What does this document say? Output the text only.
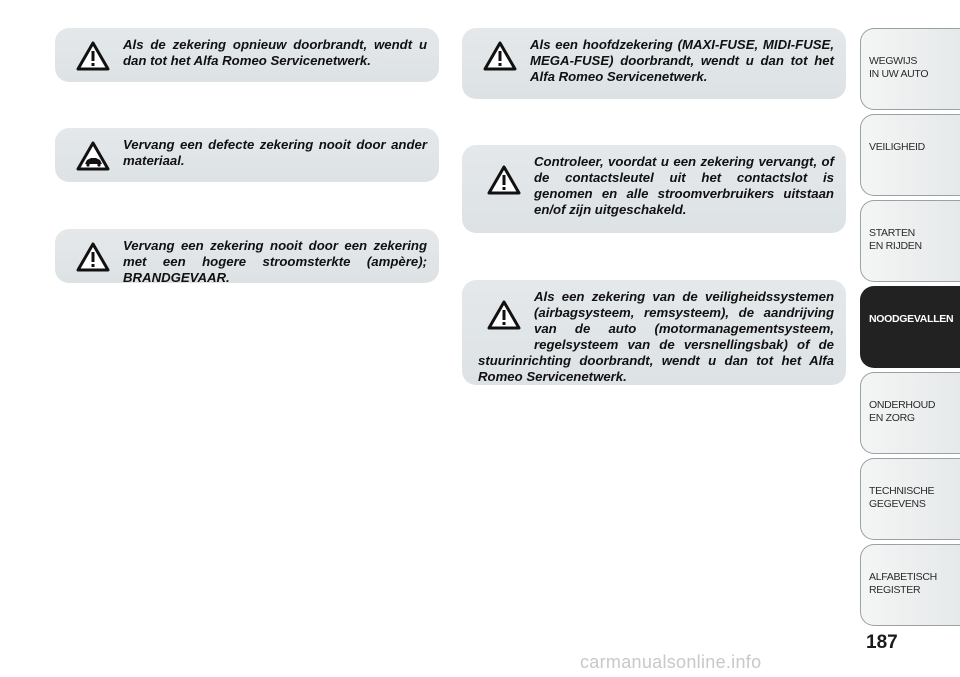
Als de zekering opnieuw doorbrandt, wendt u dan tot het Alfa Romeo Servicenetwerk.
Vervang een defecte zekering nooit door ander materiaal.
Vervang een zekering nooit door een zekering met een hogere stroomsterkte (ampère); BRANDGEVAAR.
Als een hoofdzekering (MAXI-FUSE, MIDI-FUSE, MEGA-FUSE) doorbrandt, wendt u dan tot het Alfa Romeo Servicenetwerk.
Controleer, voordat u een zekering vervangt, of de contactsleutel uit het contactslot is genomen en alle stroomverbruikers uitstaan en/of zijn uitgeschakeld.
Als een zekering van de veiligheidssystemen (airbagsysteem, remsysteem), de aandrijving van de auto (motormanagementsysteem, regelsysteem van de versnellingsbak) of de stuurinrichting doorbrandt, wendt u dan tot het Alfa Romeo Servicenetwerk.
WEGWIJS
IN UW AUTO
VEILIGHEID
STARTEN
EN RIJDEN
NOODGEVALLEN
ONDERHOUD
EN ZORG
TECHNISCHE
GEGEVENS
ALFABETISCH
REGISTER
187
carmanualsonline.info
